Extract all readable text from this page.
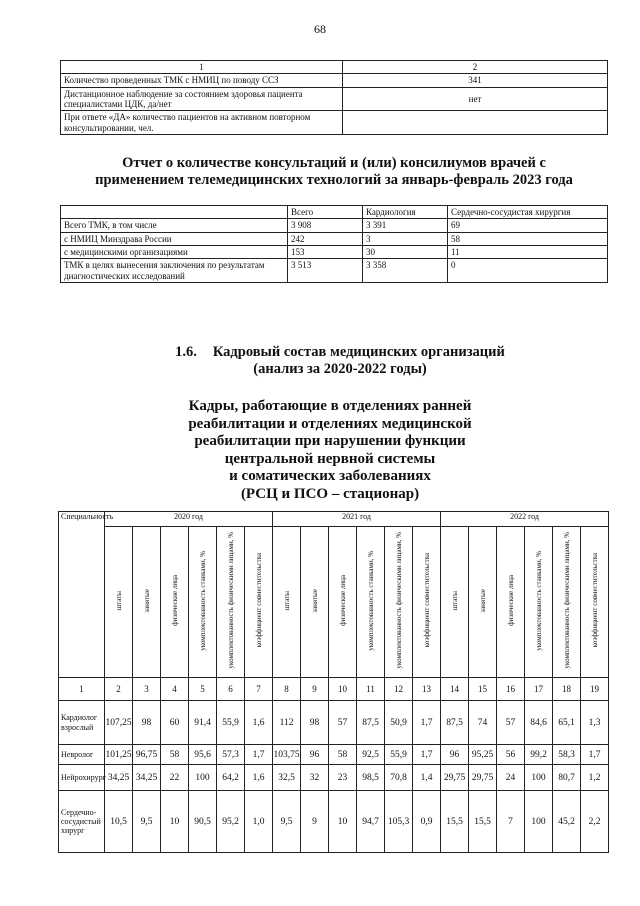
68
1	2
Количество проведенных ТМК с НМИЦ по поводу ССЗ	341
Дистанционное наблюдение за состоянием здоровья пациента специалистами ЦДК, да/нет	нет
При ответе «ДА» количество пациентов на активном повторном консультировании, чел.	
Отчет о количестве консультаций и (или) консилиумов врачей с
применением телемедицинских технологий за январь-февраль 2023 года
	Всего	Кардиология	Сердечно-сосудистая хирургия
Всего ТМК, в том числе	3 908	3 391	69
с НМИЦ Минздрава России	242	3	58
с медицинскими организациями	153	30	11
ТМК в целях вынесения заключения по результатам диагностических исследований	3 513	3 358	0
1.6. Кадровый состав медицинских организаций
(анализ за 2020-2022 годы)
Кадры, работающие в отделениях ранней
реабилитации и отделениях медицинской
реабилитации при нарушении функции
центральной нервной системы
и соматических заболеваниях
(РСЦ и ПСО – стационар)
Специальность	2020 год						2021 год						2022 год					
	штаты	занятые	физические лица	укомплектованность ставками, %	укомплектованность физическими лицами, %	коэффициент совместительства	штаты	занятые	физические лица	укомплектованность ставками, %	укомплектованность физическими лицами, %	коэффициент совместительства	штаты	занятые	физические лица	укомплектованность ставками, %	укомплектованность физическими лицами, %	коэффициент совместительства
1	2	3	4	5	6	7	8	9	10	11	12	13	14	15	16	17	18	19
Кардиолог взрослый	107,25	98	60	91,4	55,9	1,6	112	98	57	87,5	50,9	1,7	87,5	74	57	84,6	65,1	1,3
Невролог	101,25	96,75	58	95,6	57,3	1,7	103,75	96	58	92,5	55,9	1,7	96	95,25	56	99,2	58,3	1,7
Нейрохирург	34,25	34,25	22	100	64,2	1,6	32,5	32	23	98,5	70,8	1,4	29,75	29,75	24	100	80,7	1,2
Сердечно-сосудистый хирург	10,5	9,5	10	90,5	95,2	1,0	9,5	9	10	94,7	105,3	0,9	15,5	15,5	7	100	45,2	2,2
